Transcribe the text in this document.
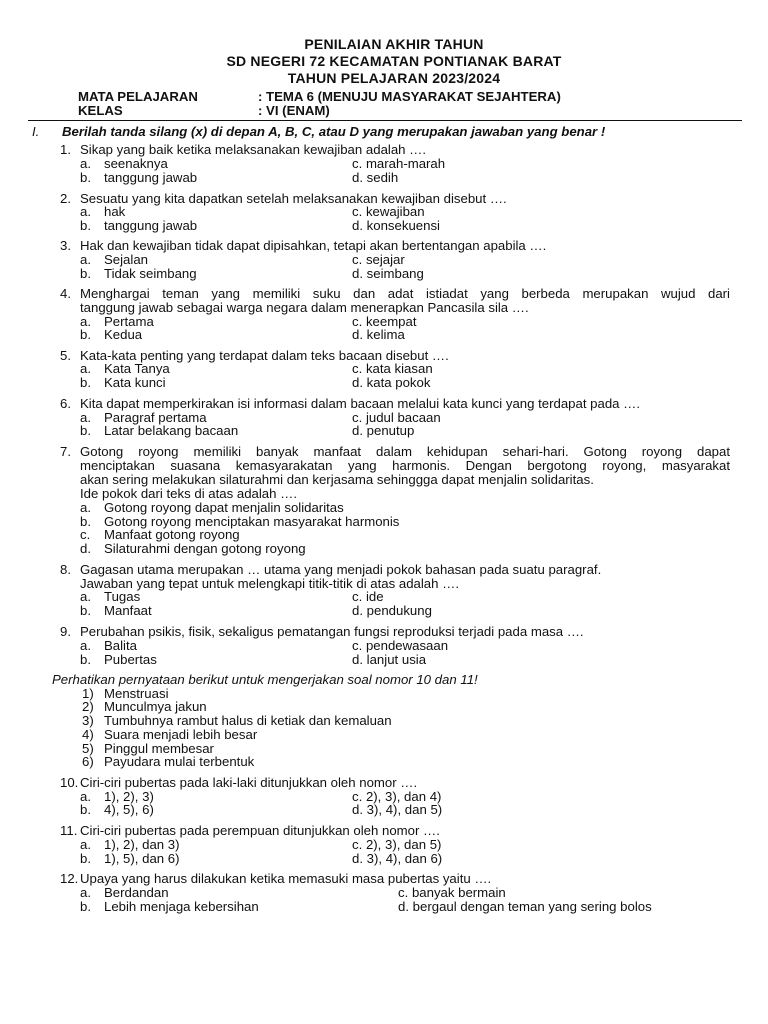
PENILAIAN AKHIR TAHUN
SD NEGERI 72 KECAMATAN PONTIANAK BARAT
TAHUN PELAJARAN 2023/2024
MATA PELAJARAN	: TEMA 6 (MENUJU MASYARAKAT SEJAHTERA)
KELAS	: VI (ENAM)
I. Berilah tanda silang (x) di depan A, B, C, atau D yang merupakan jawaban yang benar !
1. Sikap yang baik ketika melaksanakan kewajiban adalah ….
a. seenaknya	c. marah-marah
b. tanggung jawab	d. sedih
2. Sesuatu yang kita dapatkan setelah melaksanakan kewajiban disebut ….
a. hak	c. kewajiban
b. tanggung jawab	d. konsekuensi
3. Hak dan kewajiban tidak dapat dipisahkan, tetapi akan bertentangan apabila ….
a. Sejalan	c. sejajar
b. Tidak seimbang	d. seimbang
4. Menghargai teman yang memiliki suku dan adat istiadat yang berbeda merupakan wujud dari
tanggung jawab sebagai warga negara dalam menerapkan Pancasila sila ….
a. Pertama	c. keempat
b. Kedua	d. kelima
5. Kata-kata penting yang terdapat dalam teks bacaan disebut ….
a. Kata Tanya	c. kata kiasan
b. Kata kunci	d. kata pokok
6. Kita dapat memperkirakan isi informasi dalam bacaan melalui kata kunci yang terdapat pada ….
a. Paragraf pertama	c. judul bacaan
b. Latar belakang bacaan	d. penutup
7. Gotong royong memiliki banyak manfaat dalam kehidupan sehari-hari. Gotong royong dapat
menciptakan suasana kemasyarakatan yang harmonis. Dengan bergotong royong, masyarakat
akan sering melakukan silaturahmi dan kerjasama sehinggga dapat menjalin solidaritas.
Ide pokok dari teks di atas adalah ….
a. Gotong royong dapat menjalin solidaritas
b. Gotong royong menciptakan masyarakat harmonis
c. Manfaat gotong royong
d. Silaturahmi dengan gotong royong
8. Gagasan utama merupakan … utama yang menjadi pokok bahasan pada suatu paragraf.
Jawaban yang tepat untuk melengkapi titik-titik di atas adalah ….
a. Tugas	c. ide
b. Manfaat	d. pendukung
9. Perubahan psikis, fisik, sekaligus pematangan fungsi reproduksi terjadi pada masa ….
a. Balita	c. pendewasaan
b. Pubertas	d. lanjut usia
Perhatikan pernyataan berikut untuk mengerjakan soal nomor 10 dan 11!
1) Menstruasi
2) Munculmya jakun
3) Tumbuhnya rambut halus di ketiak dan kemaluan
4) Suara menjadi lebih besar
5) Pinggul membesar
6) Payudara mulai terbentuk
10. Ciri-ciri pubertas pada laki-laki ditunjukkan oleh nomor ….
a. 1), 2), 3)	c. 2), 3), dan 4)
b. 4), 5), 6)	d. 3), 4), dan 5)
11. Ciri-ciri pubertas pada perempuan ditunjukkan oleh nomor ….
a. 1), 2), dan 3)	c. 2), 3), dan 5)
b. 1), 5), dan 6)	d. 3), 4), dan 6)
12. Upaya yang harus dilakukan ketika memasuki masa pubertas yaitu ….
a. Berdandan	c. banyak bermain
b. Lebih menjaga kebersihan	d. bergaul dengan teman yang sering bolos
